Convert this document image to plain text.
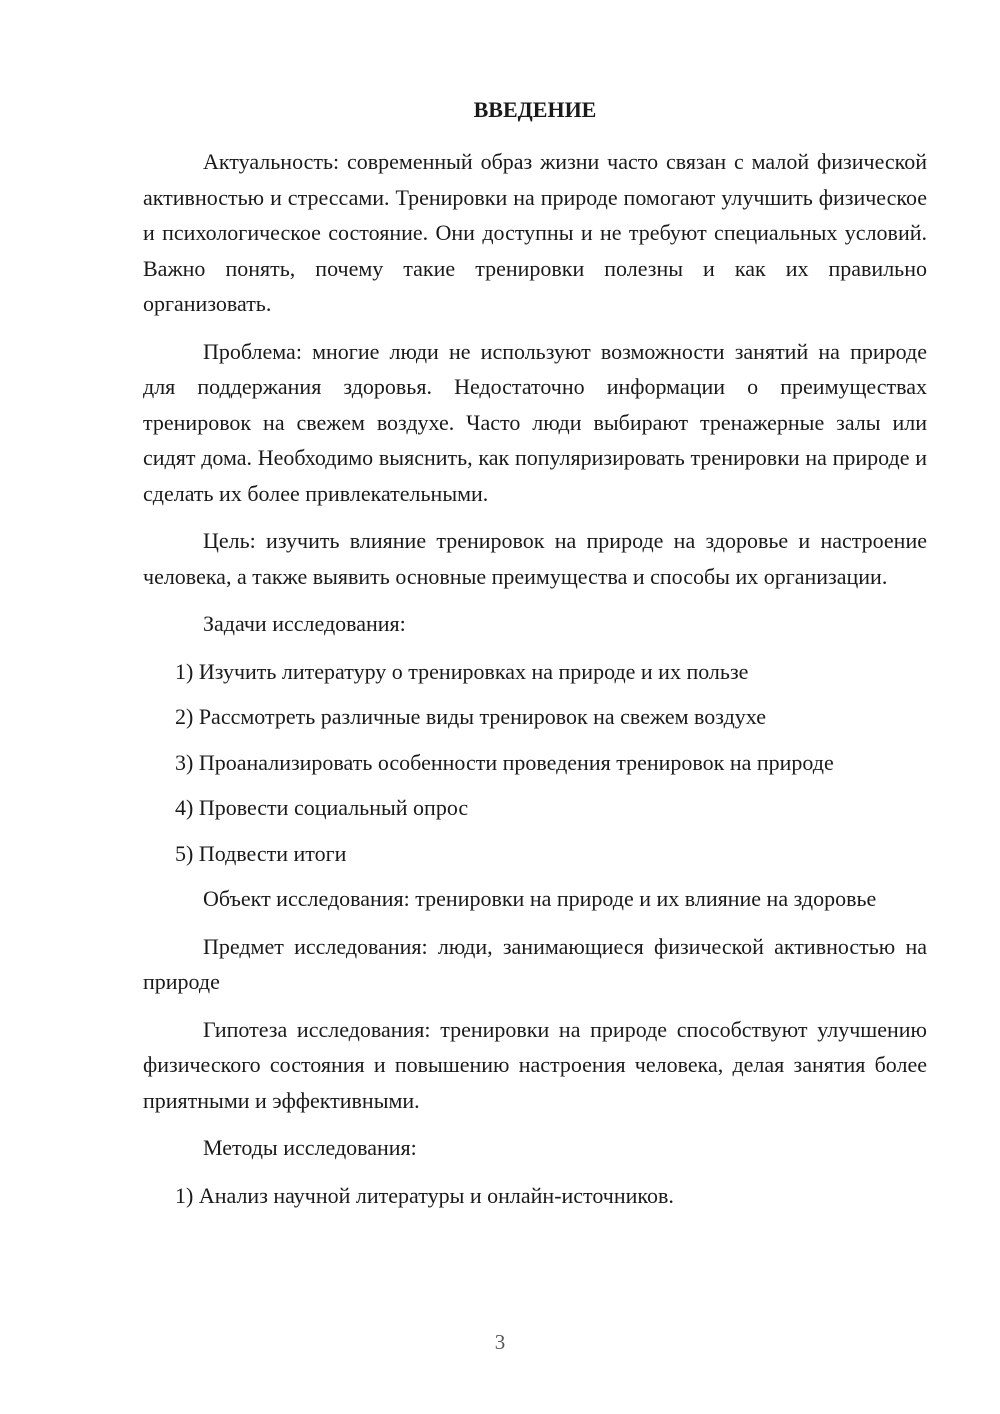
ВВЕДЕНИЕ

Актуальность: современный образ жизни часто связан с малой физической активностью и стрессами. Тренировки на природе помогают улучшить физическое и психологическое состояние. Они доступны и не требуют специальных условий. Важно понять, почему такие тренировки полезны и как их правильно организовать.

Проблема: многие люди не используют возможности занятий на природе для поддержания здоровья. Недостаточно информации о преимуществах тренировок на свежем воздухе. Часто люди выбирают тренажерные залы или сидят дома. Необходимо выяснить, как популяризировать тренировки на природе и сделать их более привлекательными.

Цель: изучить влияние тренировок на природе на здоровье и настроение человека, а также выявить основные преимущества и способы их организации.

Задачи исследования:

1) Изучить литературу о тренировках на природе и их пользе
2) Рассмотреть различные виды тренировок на свежем воздухе
3) Проанализировать особенности проведения тренировок на природе
4) Провести социальный опрос
5) Подвести итоги

Объект исследования: тренировки на природе и их влияние на здоровье

Предмет исследования: люди, занимающиеся физической активностью на природе

Гипотеза исследования: тренировки на природе способствуют улучшению физического состояния и повышению настроения человека, делая занятия более приятными и эффективными.

Методы исследования:

1) Анализ научной литературы и онлайн-источников.
3
